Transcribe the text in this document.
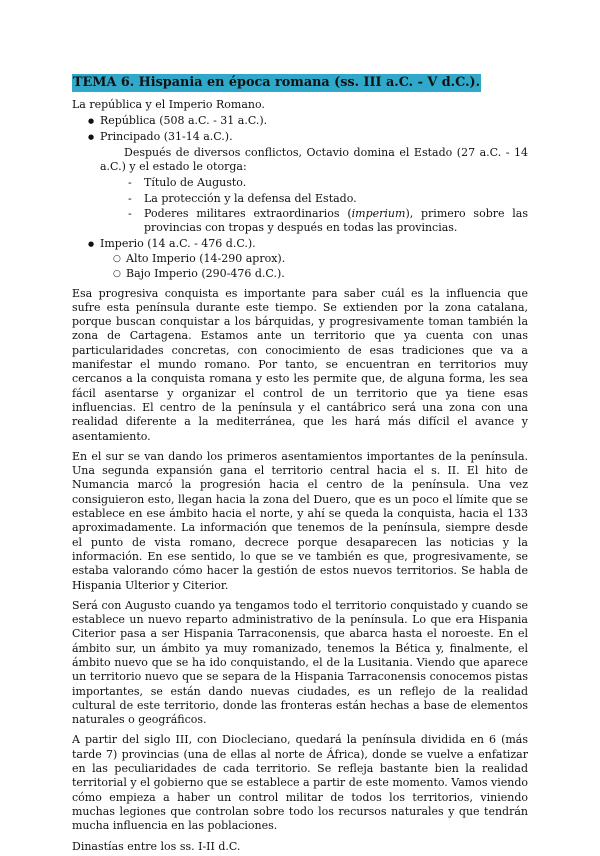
TEMA 6. Hispania en época romana (ss. III a.C. - V d.C.).
La república y el Imperio Romano.
● República (508 a.C. - 31 a.C.).
● Principado (31-14 a.C.).
Después de diversos conflictos, Octavio domina el Estado (27 a.C. - 14 a.C.) y el estado le otorga:
- Título de Augusto.
- La protección y la defensa del Estado.
- Poderes militares extraordinarios (imperium), primero sobre las provincias con tropas y después en todas las provincias.
● Imperio (14 a.C. - 476 d.C.).
○ Alto Imperio (14-290 aprox).
○ Bajo Imperio (290-476 d.C.).

Esa progresiva conquista es importante para saber cuál es la influencia que sufre esta península durante este tiempo. Se extienden por la zona catalana, porque buscan conquistar a los bárquidas, y progresivamente toman también la zona de Cartagena. Estamos ante un territorio que ya cuenta con unas particularidades concretas, con conocimiento de esas tradiciones que va a manifestar el mundo romano. Por tanto, se encuentran en territorios muy cercanos a la conquista romana y esto les permite que, de alguna forma, les sea fácil asentarse y organizar el control de un territorio que ya tiene esas influencias. El centro de la península y el cantábrico será una zona con una realidad diferente a la mediterránea, que les hará más difícil el avance y asentamiento.

En el sur se van dando los primeros asentamientos importantes de la península. Una segunda expansión gana el territorio central hacia el s. II. El hito de Numancia marcó la progresión hacia el centro de la península. Una vez consiguieron esto, llegan hacia la zona del Duero, que es un poco el límite que se establece en ese ámbito hacia el norte, y ahí se queda la conquista, hacia el 133 aproximadamente. La información que tenemos de la península, siempre desde el punto de vista romano, decrece porque desaparecen las noticias y la información. En ese sentido, lo que se ve también es que, progresivamente, se estaba valorando cómo hacer la gestión de estos nuevos territorios. Se habla de Hispania Ulterior y Citerior.

Será con Augusto cuando ya tengamos todo el territorio conquistado y cuando se establece un nuevo reparto administrativo de la península. Lo que era Hispania Citerior pasa a ser Hispania Tarraconensis, que abarca hasta el noroeste. En el ámbito sur, un ámbito ya muy romanizado, tenemos la Bética y, finalmente, el ámbito nuevo que se ha ido conquistando, el de la Lusitania. Viendo que aparece un territorio nuevo que se separa de la Hispania Tarraconensis conocemos pistas importantes, se están dando nuevas ciudades, es un reflejo de la realidad cultural de este territorio, donde las fronteras están hechas a base de elementos naturales o geográficos.

A partir del siglo III, con Diocleciano, quedará la península dividida en 6 (más tarde 7) provincias (una de ellas al norte de África), donde se vuelve a enfatizar en las peculiaridades de cada territorio. Se refleja bastante bien la realidad territorial y el gobierno que se establece a partir de este momento. Vamos viendo cómo empieza a haber un control militar de todos los territorios, viniendo muchas legiones que controlan sobre todo los recursos naturales y que tendrán mucha influencia en las poblaciones.

Dinastías entre los ss. I-II d.C.
